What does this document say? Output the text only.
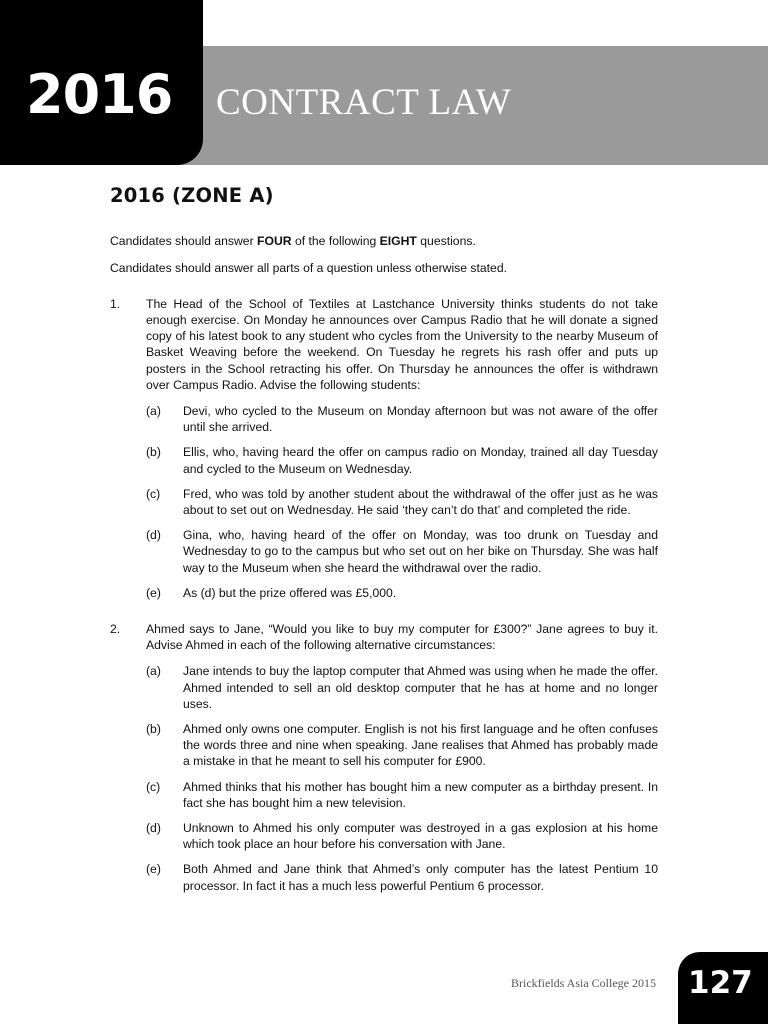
2016 CONTRACT LAW
2016 (ZONE A)

Candidates should answer FOUR of the following EIGHT questions.

Candidates should answer all parts of a question unless otherwise stated.

1. The Head of the School of Textiles at Lastchance University thinks students do not take enough exercise. On Monday he announces over Campus Radio that he will donate a signed copy of his latest book to any student who cycles from the University to the nearby Museum of Basket Weaving before the weekend. On Tuesday he regrets his rash offer and puts up posters in the School retracting his offer. On Thursday he announces the offer is withdrawn over Campus Radio. Advise the following students:

(a) Devi, who cycled to the Museum on Monday afternoon but was not aware of the offer until she arrived.
(b) Ellis, who, having heard the offer on campus radio on Monday, trained all day Tuesday and cycled to the Museum on Wednesday.
(c) Fred, who was told by another student about the withdrawal of the offer just as he was about to set out on Wednesday. He said ‘they can’t do that’ and completed the ride.
(d) Gina, who, having heard of the offer on Monday, was too drunk on Tuesday and Wednesday to go to the campus but who set out on her bike on Thursday. She was half way to the Museum when she heard the withdrawal over the radio.
(e) As (d) but the prize offered was £5,000.
2. Ahmed says to Jane, “Would you like to buy my computer for £300?” Jane agrees to buy it. Advise Ahmed in each of the following alternative circumstances:

(a) Jane intends to buy the laptop computer that Ahmed was using when he made the offer. Ahmed intended to sell an old desktop computer that he has at home and no longer uses.
(b) Ahmed only owns one computer. English is not his first language and he often confuses the words three and nine when speaking. Jane realises that Ahmed has probably made a mistake in that he meant to sell his computer for £900.
(c) Ahmed thinks that his mother has bought him a new computer as a birthday present. In fact she has bought him a new television.
(d) Unknown to Ahmed his only computer was destroyed in a gas explosion at his home which took place an hour before his conversation with Jane.
(e) Both Ahmed and Jane think that Ahmed’s only computer has the latest Pentium 10 processor. In fact it has a much less powerful Pentium 6 processor.
Brickfields Asia College 2015 127
